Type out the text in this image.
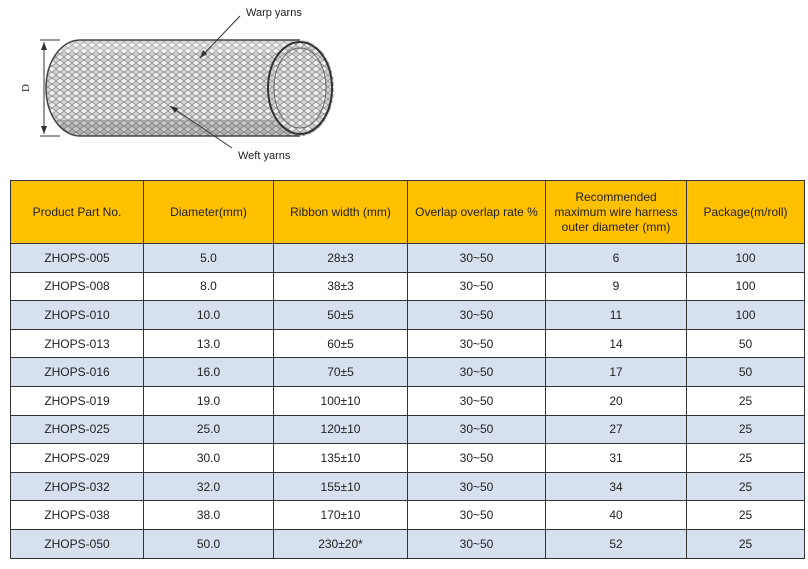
Warp yarns
Weft yarns
D
Product Part No.	Diameter(mm)	Ribbon width (mm)	Overlap overlap rate %	Recommended maximum wire harness outer diameter (mm)	Package(m/roll)
ZHOPS-005	5.0	28±3	30~50	6	100
ZHOPS-008	8.0	38±3	30~50	9	100
ZHOPS-010	10.0	50±5	30~50	11	100
ZHOPS-013	13.0	60±5	30~50	14	50
ZHOPS-016	16.0	70±5	30~50	17	50
ZHOPS-019	19.0	100±10	30~50	20	25
ZHOPS-025	25.0	120±10	30~50	27	25
ZHOPS-029	30.0	135±10	30~50	31	25
ZHOPS-032	32.0	155±10	30~50	34	25
ZHOPS-038	38.0	170±10	30~50	40	25
ZHOPS-050	50.0	230±20*	30~50	52	25
